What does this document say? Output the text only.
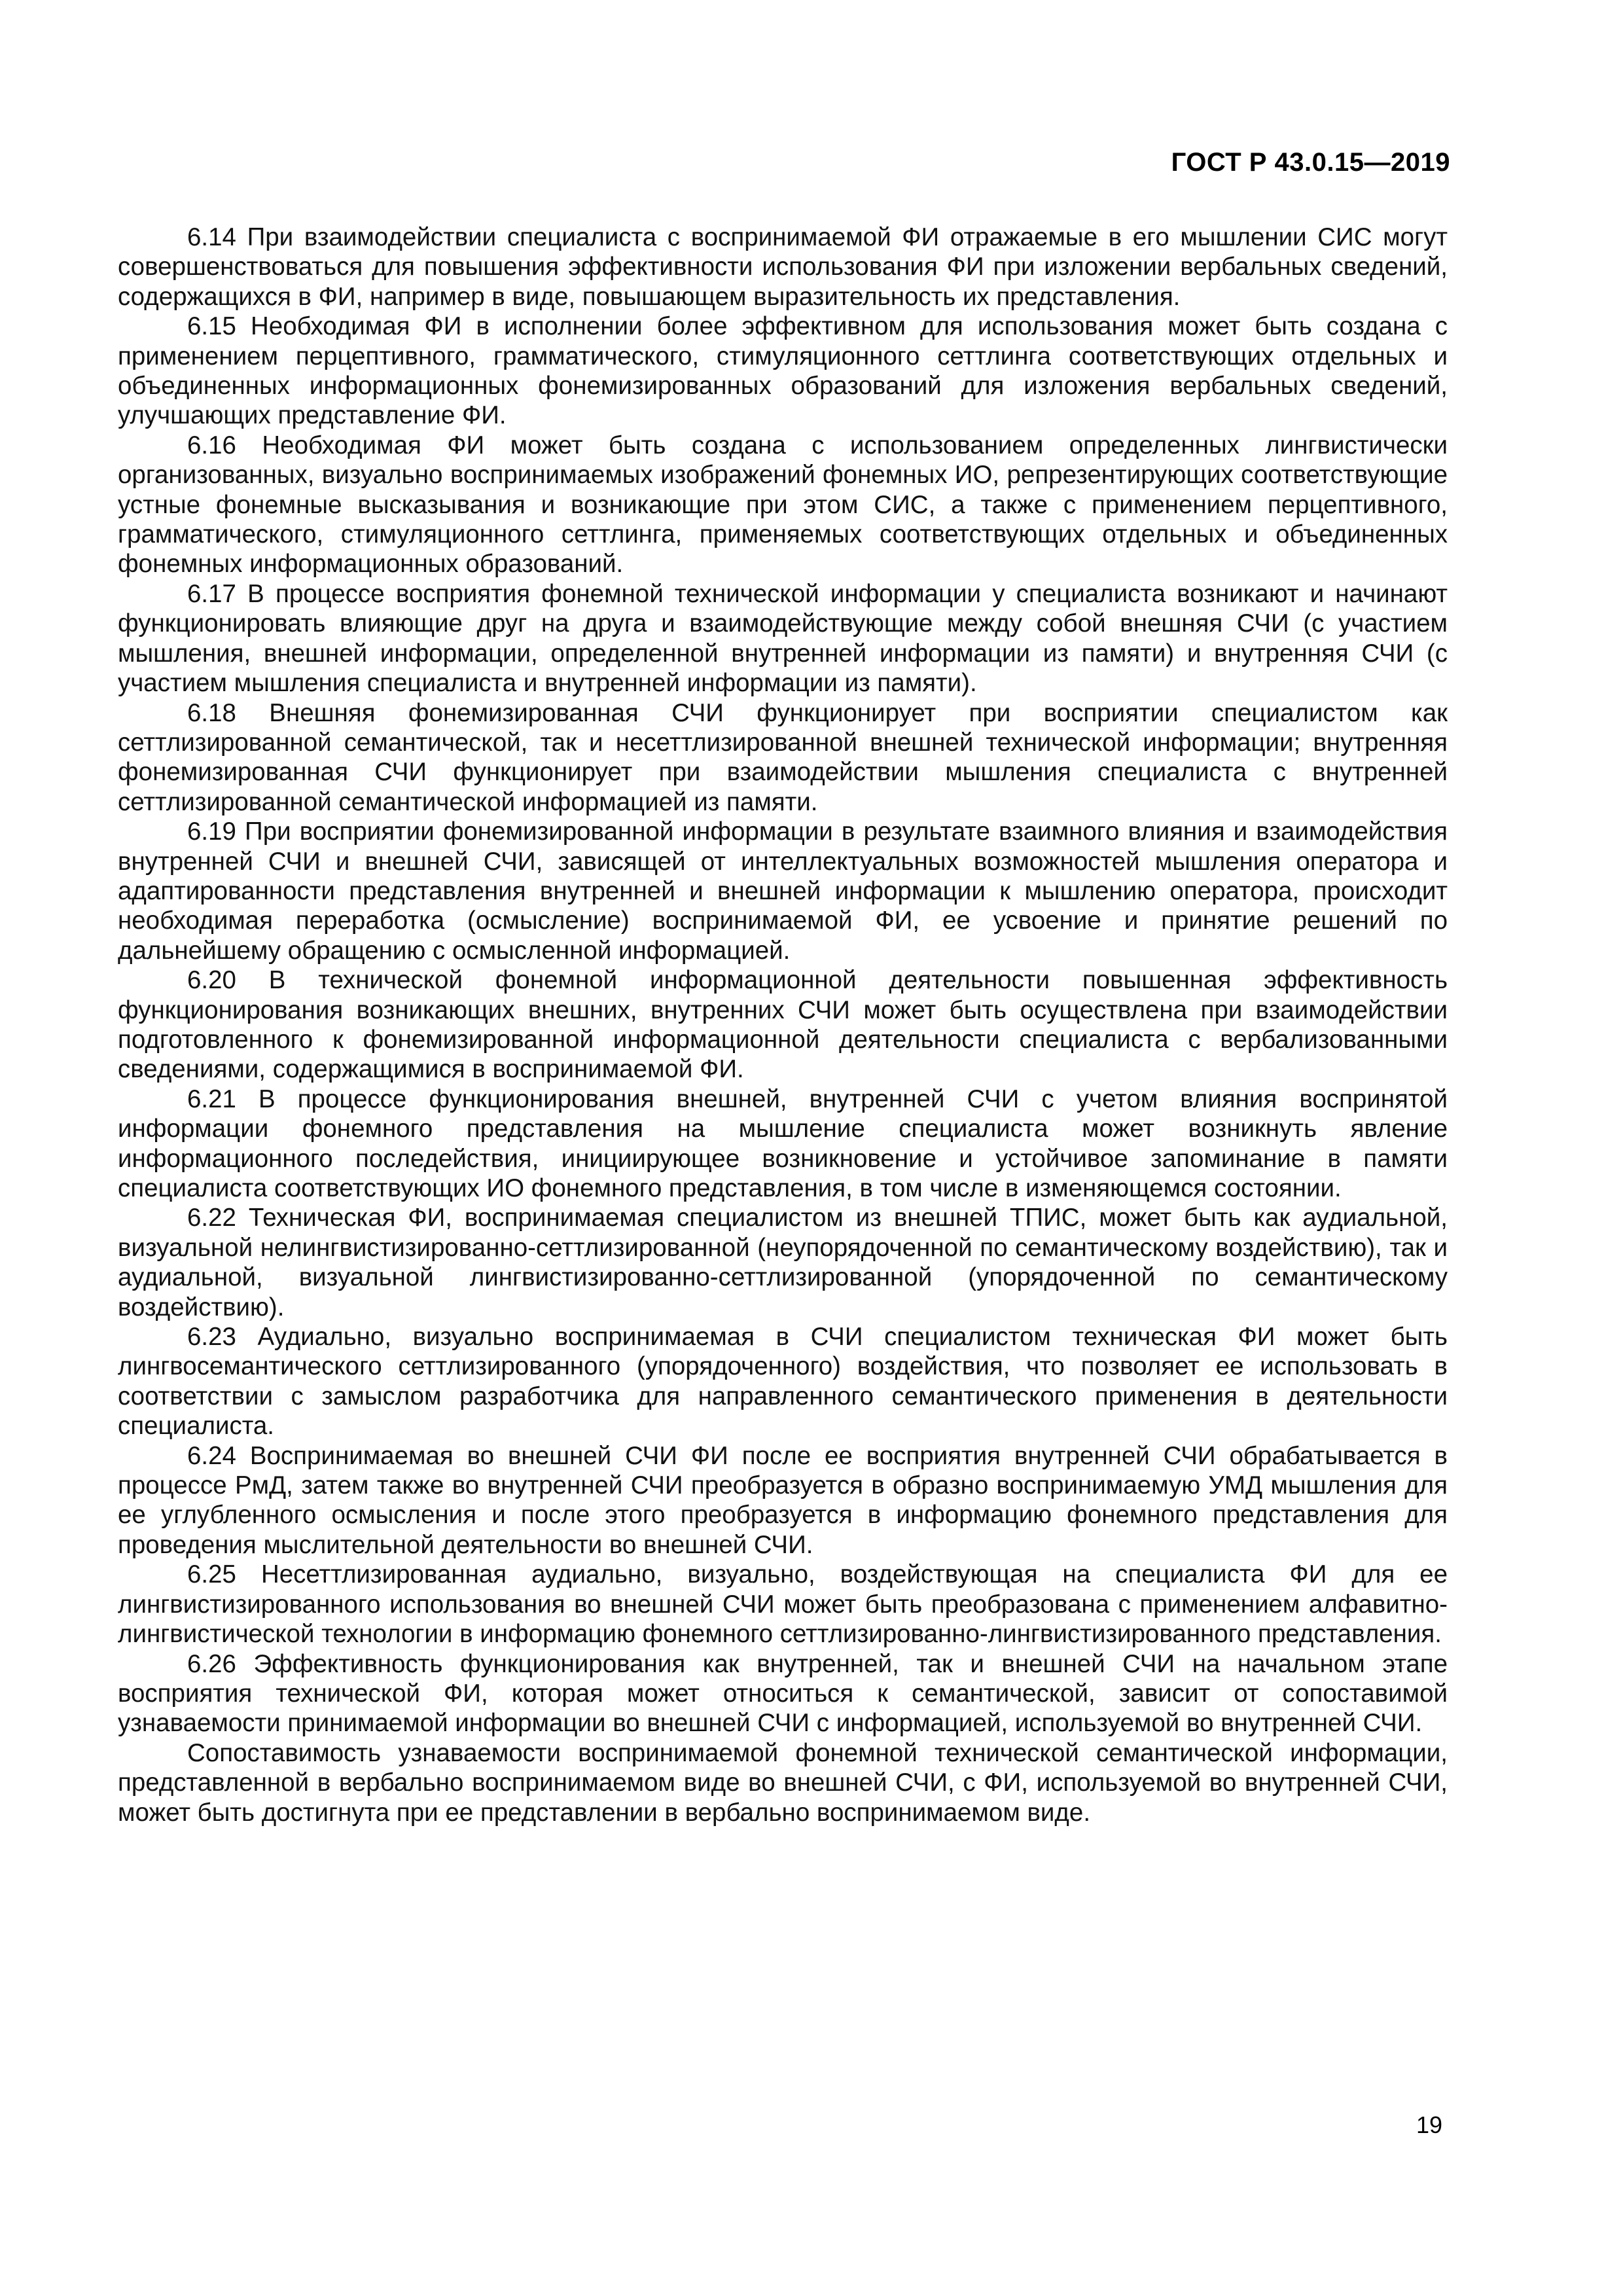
ГОСТ Р 43.0.15—2019

6.14 При взаимодействии специалиста с воспринимаемой ФИ отражаемые в его мышлении СИС могут совершенствоваться для повышения эффективности использования ФИ при изложении вербальных сведений, содержащихся в ФИ, например в виде, повышающем выразительность их представления.

6.15 Необходимая ФИ в исполнении более эффективном для использования может быть создана с применением перцептивного, грамматического, стимуляционного сеттлинга соответствующих отдельных и объединенных информационных фонемизированных образований для изложения вербальных сведений, улучшающих представление ФИ.

6.16 Необходимая ФИ может быть создана с использованием определенных лингвистически организованных, визуально воспринимаемых изображений фонемных ИО, репрезентирующих соответствующие устные фонемные высказывания и возникающие при этом СИС, а также с применением перцептивного, грамматического, стимуляционного сеттлинга, применяемых соответствующих отдельных и объединенных фонемных информационных образований.

6.17 В процессе восприятия фонемной технической информации у специалиста возникают и начинают функционировать влияющие друг на друга и взаимодействующие между собой внешняя СЧИ (с участием мышления, внешней информации, определенной внутренней информации из памяти) и внутренняя СЧИ (с участием мышления специалиста и внутренней информации из памяти).

6.18 Внешняя фонемизированная СЧИ функционирует при восприятии специалистом как сеттлизированной семантической, так и несеттлизированной внешней технической информации; внутренняя фонемизированная СЧИ функционирует при взаимодействии мышления специалиста с внутренней сеттлизированной семантической информацией из памяти.

6.19 При восприятии фонемизированной информации в результате взаимного влияния и взаимодействия внутренней СЧИ и внешней СЧИ, зависящей от интеллектуальных возможностей мышления оператора и адаптированности представления внутренней и внешней информации к мышлению оператора, происходит необходимая переработка (осмысление) воспринимаемой ФИ, ее усвоение и принятие решений по дальнейшему обращению с осмысленной информацией.

6.20 В технической фонемной информационной деятельности повышенная эффективность функционирования возникающих внешних, внутренних СЧИ может быть осуществлена при взаимодействии подготовленного к фонемизированной информационной деятельности специалиста с вербализованными сведениями, содержащимися в воспринимаемой ФИ.

6.21 В процессе функционирования внешней, внутренней СЧИ с учетом влияния воспринятой информации фонемного представления на мышление специалиста может возникнуть явление информационного последействия, инициирующее возникновение и устойчивое запоминание в памяти специалиста соответствующих ИО фонемного представления, в том числе в изменяющемся состоянии.

6.22 Техническая ФИ, воспринимаемая специалистом из внешней ТПИС, может быть как аудиальной, визуальной нелингвистизированно-сеттлизированной (неупорядоченной по семантическому воздействию), так и аудиальной, визуальной лингвистизированно-сеттлизированной (упорядоченной по семантическому воздействию).

6.23 Аудиально, визуально воспринимаемая в СЧИ специалистом техническая ФИ может быть лингвосемантического сеттлизированного (упорядоченного) воздействия, что позволяет ее использовать в соответствии с замыслом разработчика для направленного семантического применения в деятельности специалиста.

6.24 Воспринимаемая во внешней СЧИ ФИ после ее восприятия внутренней СЧИ обрабатывается в процессе РмД, затем также во внутренней СЧИ преобразуется в образно воспринимаемую УМД мышления для ее углубленного осмысления и после этого преобразуется в информацию фонемного представления для проведения мыслительной деятельности во внешней СЧИ.

6.25 Несеттлизированная аудиально, визуально, воздействующая на специалиста ФИ для ее лингвистизированного использования во внешней СЧИ может быть преобразована с применением алфавитно-лингвистической технологии в информацию фонемного сеттлизированно-лингвистизированного представления.

6.26 Эффективность функционирования как внутренней, так и внешней СЧИ на начальном этапе восприятия технической ФИ, которая может относиться к семантической, зависит от сопоставимой узнаваемости принимаемой информации во внешней СЧИ с информацией, используемой во внутренней СЧИ.

Сопоставимость узнаваемости воспринимаемой фонемной технической семантической информации, представленной в вербально воспринимаемом виде во внешней СЧИ, с ФИ, используемой во внутренней СЧИ, может быть достигнута при ее представлении в вербально воспринимаемом виде.

19
